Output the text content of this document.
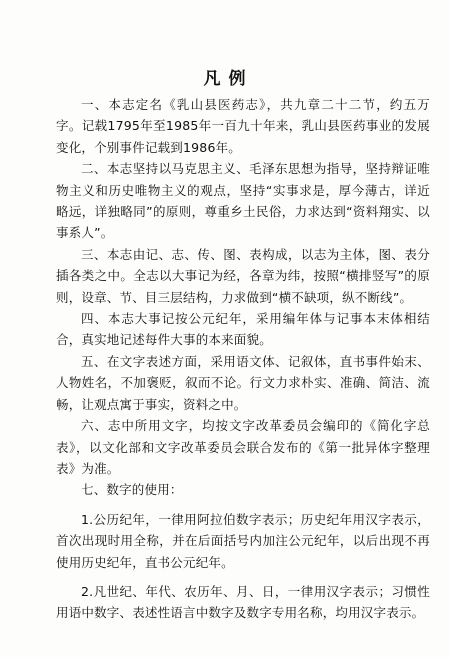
凡 例

一、本志定名《乳山县医药志》，共九章二十二节，约五万字。记载1795年至1985年一百九十年来，乳山县医药事业的发展变化，个别事件记载到1986年。

二、本志坚持以马克思主义、毛泽东思想为指导，坚持辩证唯物主义和历史唯物主义的观点，坚持“实事求是，厚今薄古，详近略远，详独略同”的原则，尊重乡土民俗，力求达到“资料翔实、以事系人”。

三、本志由记、志、传、图、表构成，以志为主体，图、表分插各类之中。全志以大事记为经，各章为纬，按照“横排竖写”的原则，设章、节、目三层结构，力求做到“横不缺项，纵不断线”。

四、本志大事记按公元纪年，采用编年体与记事本末体相结合，真实地记述每件大事的本来面貌。

五、在文字表述方面，采用语文体、记叙体，直书事件始末、人物姓名，不加褒贬，叙而不论。行文力求朴实、准确、简洁、流畅，让观点寓于事实，资料之中。

六、志中所用文字，均按文字改革委员会编印的《简化字总表》，以文化部和文字改革委员会联合发布的《第一批异体字整理表》为准。

七、数字的使用：

1.公历纪年，一律用阿拉伯数字表示；历史纪年用汉字表示，首次出现时用全称，并在后面括号内加注公元纪年，以后出现不再使用历史纪年，直书公元纪年。

2.凡世纪、年代、农历年、月、日，一律用汉字表示；习惯性用语中数字、表述性语言中数字及数字专用名称，均用汉字表示。
